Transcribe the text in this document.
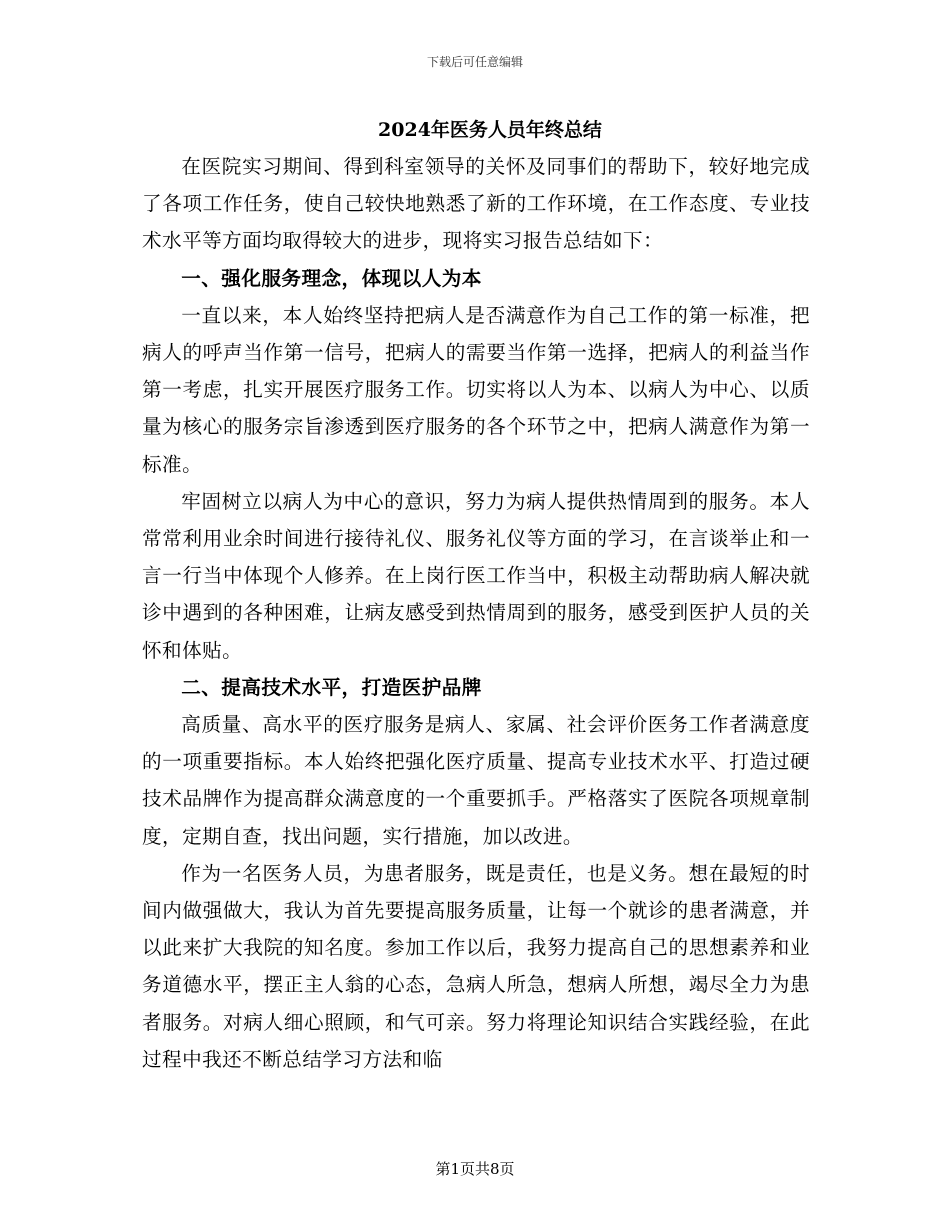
下载后可任意编辑
2024年医务人员年终总结

在医院实习期间、得到科室领导的关怀及同事们的帮助下，较好地完成了各项工作任务，使自己较快地熟悉了新的工作环境，在工作态度、专业技术水平等方面均取得较大的进步，现将实习报告总结如下：

一、强化服务理念，体现以人为本

一直以来，本人始终坚持把病人是否满意作为自己工作的第一标准，把病人的呼声当作第一信号，把病人的需要当作第一选择，把病人的利益当作第一考虑，扎实开展医疗服务工作。切实将以人为本、以病人为中心、以质量为核心的服务宗旨渗透到医疗服务的各个环节之中，把病人满意作为第一标准。

牢固树立以病人为中心的意识，努力为病人提供热情周到的服务。本人常常利用业余时间进行接待礼仪、服务礼仪等方面的学习，在言谈举止和一言一行当中体现个人修养。在上岗行医工作当中，积极主动帮助病人解决就诊中遇到的各种困难，让病友感受到热情周到的服务，感受到医护人员的关怀和体贴。

二、提高技术水平，打造医护品牌

高质量、高水平的医疗服务是病人、家属、社会评价医务工作者满意度的一项重要指标。本人始终把强化医疗质量、提高专业技术水平、打造过硬技术品牌作为提高群众满意度的一个重要抓手。严格落实了医院各项规章制度，定期自查，找出问题，实行措施，加以改进。

作为一名医务人员，为患者服务，既是责任，也是义务。想在最短的时间内做强做大，我认为首先要提高服务质量，让每一个就诊的患者满意，并以此来扩大我院的知名度。参加工作以后，我努力提高自己的思想素养和业务道德水平，摆正主人翁的心态，急病人所急，想病人所想，竭尽全力为患者服务。对病人细心照顾，和气可亲。努力将理论知识结合实践经验，在此过程中我还不断总结学习方法和临

第1页共8页
